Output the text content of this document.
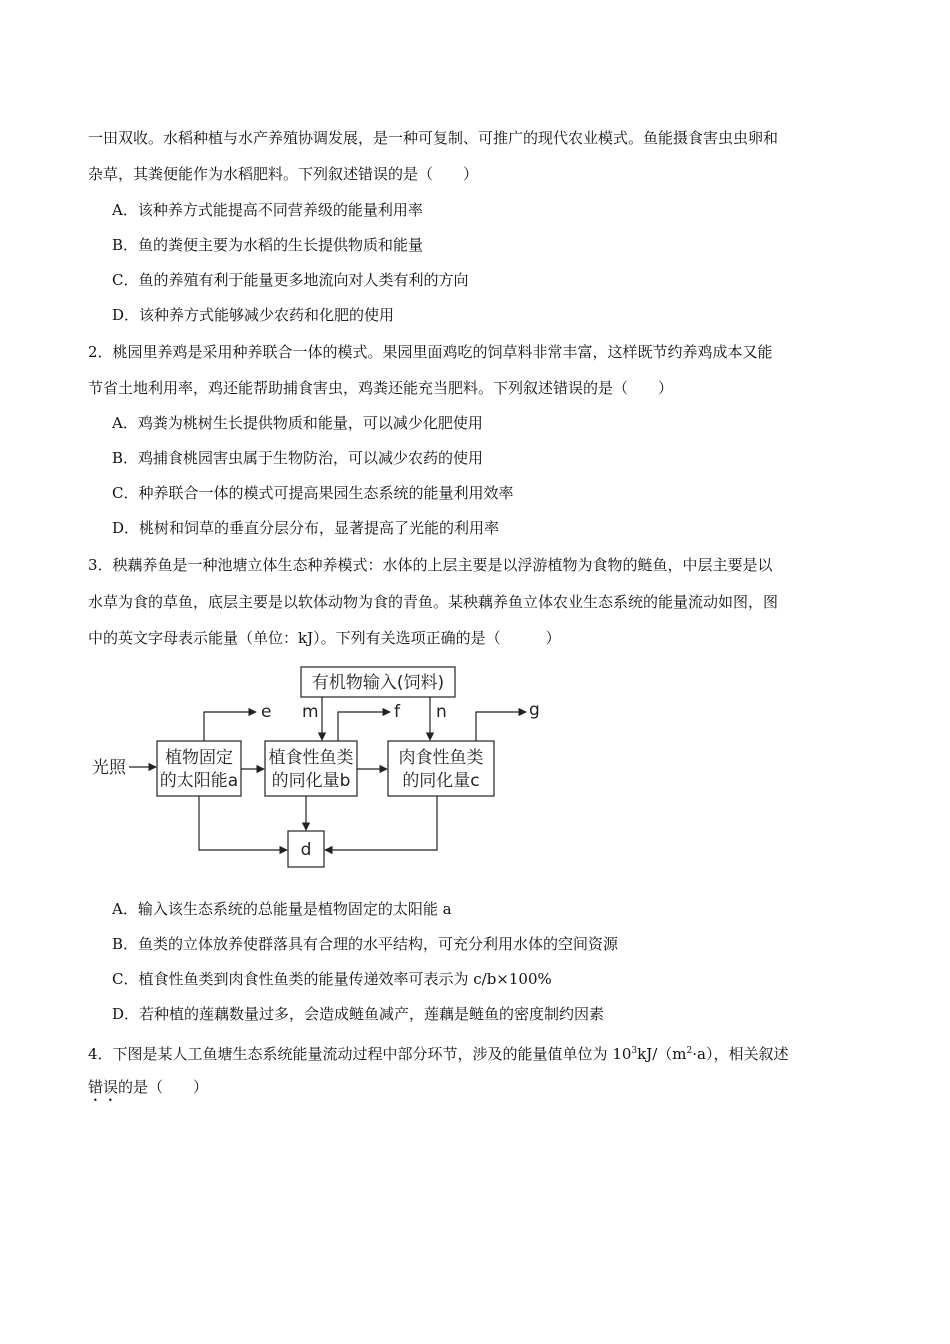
一田双收。水稻种植与水产养殖协调发展，是一种可复制、可推广的现代农业模式。鱼能摄食害虫虫卵和
杂草，其粪便能作为水稻肥料。下列叙述错误的是（　　）
A．该种养方式能提高不同营养级的能量利用率
B．鱼的粪便主要为水稻的生长提供物质和能量
C．鱼的养殖有利于能量更多地流向对人类有利的方向
D．该种养方式能够减少农药和化肥的使用
2．桃园里养鸡是采用种养联合一体的模式。果园里面鸡吃的饲草料非常丰富，这样既节约养鸡成本又能
节省土地利用率，鸡还能帮助捕食害虫，鸡粪还能充当肥料。下列叙述错误的是（　　）
A．鸡粪为桃树生长提供物质和能量，可以减少化肥使用
B．鸡捕食桃园害虫属于生物防治，可以减少农药的使用
C．种养联合一体的模式可提高果园生态系统的能量利用效率
D．桃树和饲草的垂直分层分布，显著提高了光能的利用率
3．秧藕养鱼是一种池塘立体生态种养模式：水体的上层主要是以浮游植物为食物的鲢鱼，中层主要是以
水草为食的草鱼，底层主要是以软体动物为食的青鱼。某秧藕养鱼立体农业生态系统的能量流动如图，图
中的英文字母表示能量（单位：kJ）。下列有关选项正确的是（　　　）
有机物输入(饲料)
光照 植物固定
的太阳能a
植食性鱼类
的同化量b
肉食性鱼类
的同化量c
d
e m	f n	g
A．输入该生态系统的总能量是植物固定的太阳能 a
B．鱼类的立体放养使群落具有合理的水平结构，可充分利用水体的空间资源
C．植食性鱼类到肉食性鱼类的能量传递效率可表示为 c/b×100%
D．若种植的莲藕数量过多，会造成鲢鱼减产，莲藕是鲢鱼的密度制约因素
4．下图是某人工鱼塘生态系统能量流动过程中部分环节，涉及的能量值单位为 $10^3kJ/(m^2\cdot a)$，相关叙述
错误的是（　　）
